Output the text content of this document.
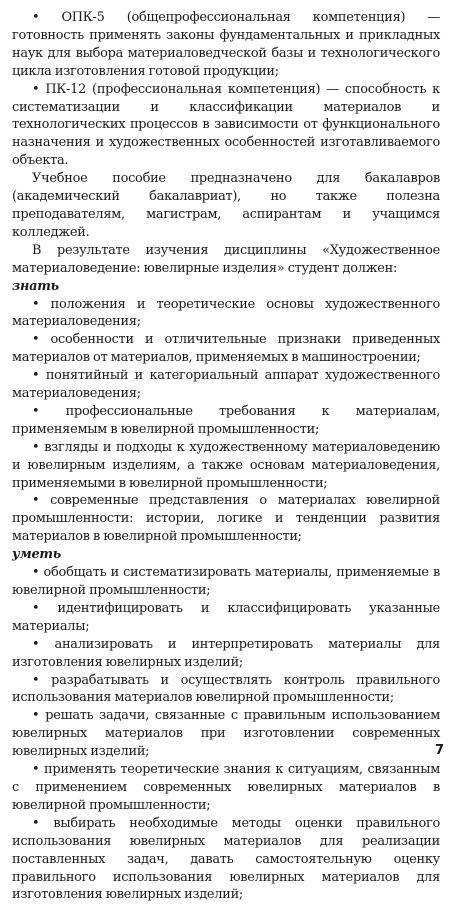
• ОПК-5 (общепрофессиональная компетенция) — готовность применять законы фундаментальных и прикладных наук для выбора материаловедческой базы и технологического цикла изготовления готовой продукции;

• ПК-12 (профессиональная компетенция) — способность к систематизации и классификации материалов и технологических процессов в зависимости от функционального назначения и художественных особенностей изготавливаемого объекта.

Учебное пособие предназначено для бакалавров (академический бакалавриат), но также полезна преподавателям, магистрам, аспирантам и учащимся колледжей.

В результате изучения дисциплины «Художественное материаловедение: ювелирные изделия» студент должен:

знать

• положения и теоретические основы художественного материаловедения;

• особенности и отличительные признаки приведенных материалов от материалов, применяемых в машиностроении;

• понятийный и категориальный аппарат художественного материаловедения;

• профессиональные требования к материалам, применяемым в ювелирной промышленности;

• взгляды и подходы к художественному материаловедению и ювелирным изделиям, а также основам материаловедения, применяемыми в ювелирной промышленности;

• современные представления о материалах ювелирной промышленности: истории, логике и тенденции развития материалов в ювелирной промышленности;

уметь

• обобщать и систематизировать материалы, применяемые в ювелирной промышленности;

• идентифицировать и классифицировать указанные материалы;

• анализировать и интерпретировать материалы для изготовления ювелирных изделий;

• разрабатывать и осуществлять контроль правильного использования материалов ювелирной промышленности;

• решать задачи, связанные с правильным использованием ювелирных материалов при изготовлении современных ювелирных изделий;

• применять теоретические знания к ситуациям, связанным с применением современных ювелирных материалов в ювелирной промышленности;

• выбирать необходимые методы оценки правильного использования ювелирных материалов для реализации поставленных задач, давать самостоятельную оценку правильного использования ювелирных материалов для изготовления ювелирных изделий;

7
